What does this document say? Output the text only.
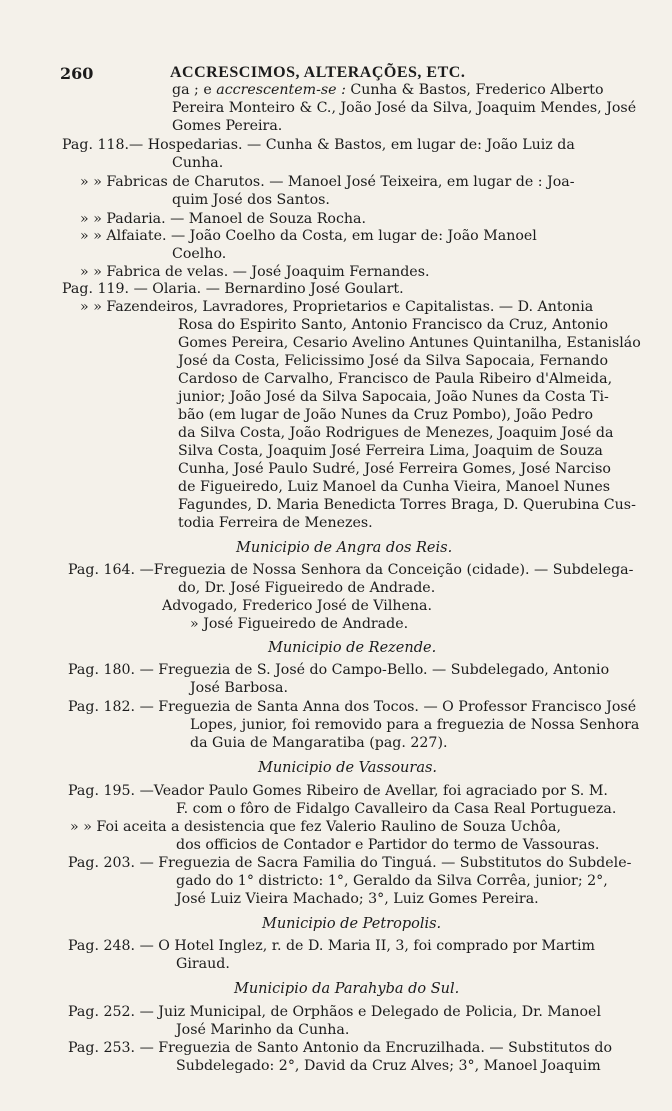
260	ACCRESCIMOS, ALTERAÇÕES, ETC.
ga ; e accrescentem-se : Cunha & Bastos, Frederico Alberto
Pereira Monteiro & C., João José da Silva, Joaquim Mendes, José
Gomes Pereira.
Pag. 118.— Hospedarias. — Cunha & Bastos, em lugar de: João Luiz da
Cunha.
» » Fabricas de Charutos. — Manoel José Teixeira, em lugar de : Joa-
quim José dos Santos.
» » Padaria. — Manoel de Souza Rocha.
» » Alfaiate. — João Coelho da Costa, em lugar de: João Manoel
Coelho.
» » Fabrica de velas. — José Joaquim Fernandes.
Pag. 119. — Olaria. — Bernardino José Goulart.
» » Fazendeiros, Lavradores, Proprietarios e Capitalistas. — D. Antonia
Rosa do Espirito Santo, Antonio Francisco da Cruz, Antonio
Gomes Pereira, Cesario Avelino Antunes Quintanilha, Estanisláo
José da Costa, Felicissimo José da Silva Sapocaia, Fernando
Cardoso de Carvalho, Francisco de Paula Ribeiro d'Almeida,
junior; João José da Silva Sapocaia, João Nunes da Costa Ti-
bão (em lugar de João Nunes da Cruz Pombo), João Pedro
da Silva Costa, João Rodrigues de Menezes, Joaquim José da
Silva Costa, Joaquim José Ferreira Lima, Joaquim de Souza
Cunha, José Paulo Sudré, José Ferreira Gomes, José Narciso
de Figueiredo, Luiz Manoel da Cunha Vieira, Manoel Nunes
Fagundes, D. Maria Benedicta Torres Braga, D. Querubina Cus-
todia Ferreira de Menezes.
Municipio de Angra dos Reis.
Pag. 164. —Freguezia de Nossa Senhora da Conceição (cidade). — Subdelega-
do, Dr. José Figueiredo de Andrade.
Advogado, Frederico José de Vilhena.
» José Figueiredo de Andrade.
Municipio de Rezende.
Pag. 180. — Freguezia de S. José do Campo-Bello. — Subdelegado, Antonio
José Barbosa.
Pag. 182. — Freguezia de Santa Anna dos Tocos. — O Professor Francisco José
Lopes, junior, foi removido para a freguezia de Nossa Senhora
da Guia de Mangaratiba (pag. 227).
Municipio de Vassouras.
Pag. 195. —Veador Paulo Gomes Ribeiro de Avellar, foi agraciado por S. M.
F. com o fôro de Fidalgo Cavalleiro da Casa Real Portugueza.
» » Foi aceita a desistencia que fez Valerio Raulino de Souza Uchôa,
dos officios de Contador e Partidor do termo de Vassouras.
Pag. 203. — Freguezia de Sacra Familia do Tinguá. — Substitutos do Subdele-
gado do 1° districto: 1°, Geraldo da Silva Corrêa, junior; 2°,
José Luiz Vieira Machado; 3°, Luiz Gomes Pereira.
Municipio de Petropolis.
Pag. 248. — O Hotel Inglez, r. de D. Maria II, 3, foi comprado por Martim
Giraud.
Municipio da Parahyba do Sul.
Pag. 252. — Juiz Municipal, de Orphãos e Delegado de Policia, Dr. Manoel
José Marinho da Cunha.
Pag. 253. — Freguezia de Santo Antonio da Encruzilhada. — Substitutos do
Subdelegado: 2°, David da Cruz Alves; 3°, Manoel Joaquim
